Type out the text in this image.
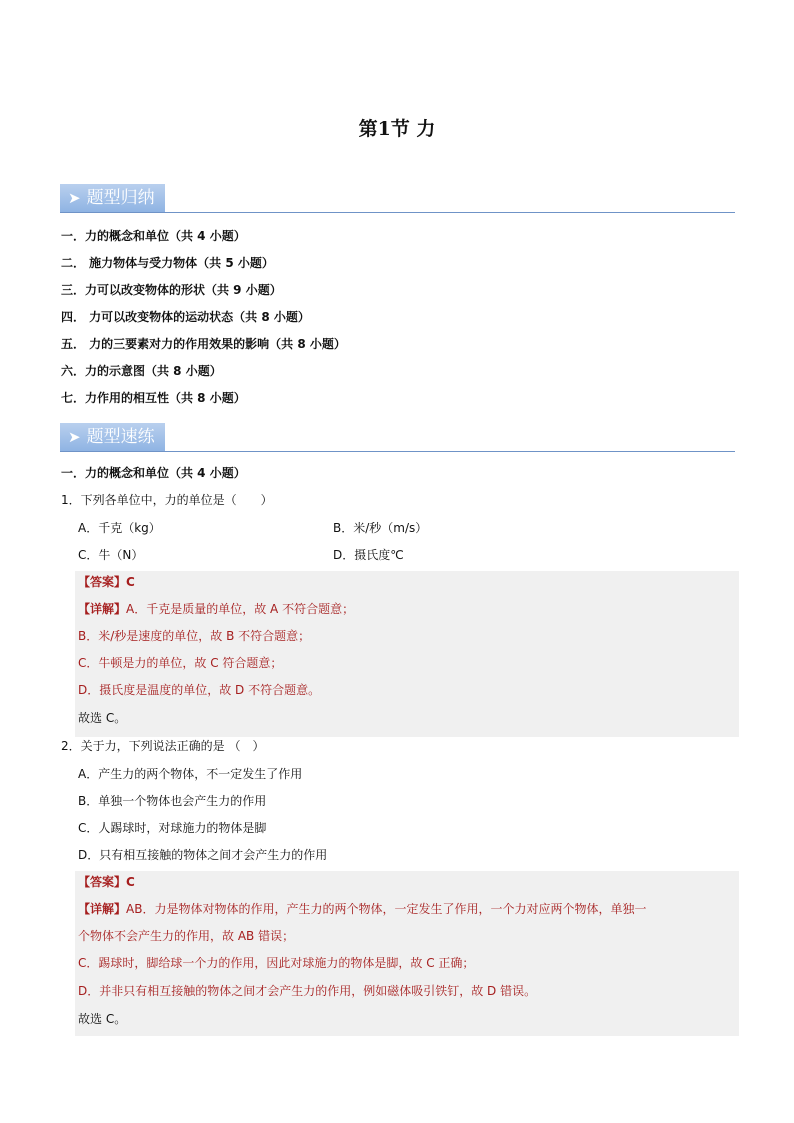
第1节 力
➤ 题型归纳
一．力的概念和单位（共 4 小题）
二． 施力物体与受力物体（共 5 小题）
三．力可以改变物体的形状（共 9 小题）
四． 力可以改变物体的运动状态（共 8 小题）
五． 力的三要素对力的作用效果的影响（共 8 小题）
六．力的示意图（共 8 小题）
七．力作用的相互性（共 8 小题）
➤ 题型速练
一．力的概念和单位（共 4 小题）
1．下列各单位中，力的单位是（　　）
A．千克（kg）	B．米/秒（m/s）
C．牛（N）	D．摄氏度℃
【答案】C
【详解】A．千克是质量的单位，故 A 不符合题意；
B．米/秒是速度的单位，故 B 不符合题意；
C．牛顿是力的单位，故 C 符合题意；
D．摄氏度是温度的单位，故 D 不符合题意。
故选 C。
2．关于力，下列说法正确的是 （　）
A．产生力的两个物体，不一定发生了作用
B．单独一个物体也会产生力的作用
C．人踢球时，对球施力的物体是脚
D．只有相互接触的物体之间才会产生力的作用
【答案】C
【详解】AB．力是物体对物体的作用，产生力的两个物体，一定发生了作用，一个力对应两个物体，单独一
个物体不会产生力的作用，故 AB 错误；
C．踢球时，脚给球一个力的作用，因此对球施力的物体是脚，故 C 正确；
D．并非只有相互接触的物体之间才会产生力的作用，例如磁体吸引铁钉，故 D 错误。
故选 C。
